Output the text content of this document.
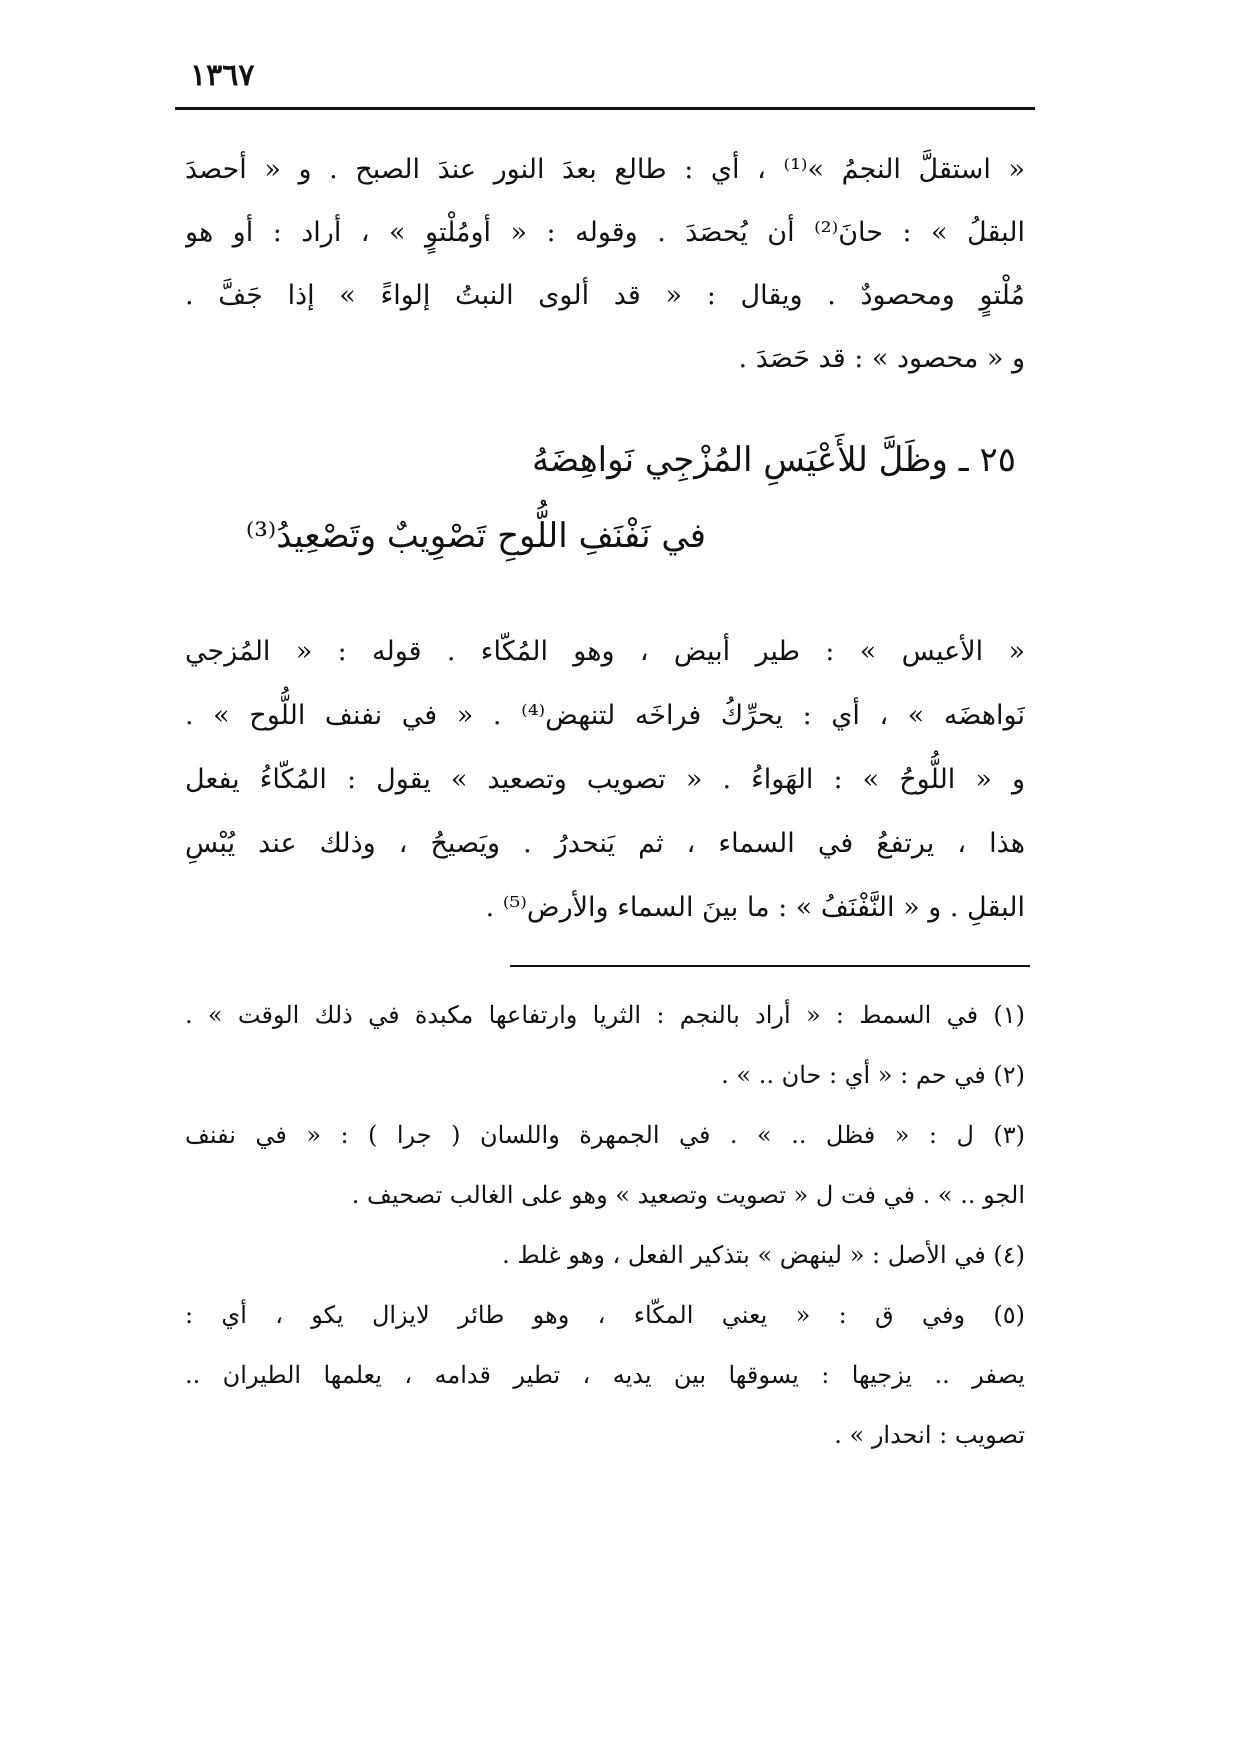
١٣٦٧
« استقلَّ النجمُ »⁽¹⁾ ، أي : طالع بعدَ النور عندَ الصبح . و « أحصدَ
البقلُ » : حانَ⁽²⁾ أن يُحصَدَ . وقوله : « أومُلْتوٍ » ، أراد : أو هو
مُلْتوٍ ومحصودٌ . ويقال : « قد ألوى النبتُ إلواءً » إذا جَفَّ .
و « محصود » : قد حَصَدَ .
٢٥ ـ وظَلَّ للأَعْيَسِ المُزْجِي نَواهِضَهُ
في نَفْنَفِ اللُّوحِ تَصْوِيبٌ وتَصْعِيدُ⁽³⁾
« الأعيس » : طير أبيض ، وهو المُكّاء . قوله : « المُزجي
نَواهضَه » ، أي : يحرِّكُ فراخَه لتنهض⁽⁴⁾ . « في نفنف اللُّوح » .
و « اللُّوحُ » : الهَواءُ . « تصويب وتصعيد » يقول : المُكّاءُ يفعل
هذا ، يرتفعُ في السماء ، ثم يَنحدرُ . ويَصيحُ ، وذلك عند يُبْسِ
البقلِ . و « النَّفْنَفُ » : ما بينَ السماء والأرض⁽⁵⁾ .
(١) في السمط : « أراد بالنجم : الثريا وارتفاعها مكبدة في ذلك الوقت » .
(٢) في حم : « أي : حان .. » .
(٣) ل : « فظل .. » . في الجمهرة واللسان ( جرا ) : « في نفنف
الجو .. » . في فت ل « تصويت وتصعيد » وهو على الغالب تصحيف .
(٤) في الأصل : « لينهض » بتذكير الفعل ، وهو غلط .
(٥) وفي ق : « يعني المكّاء ، وهو طائر لايزال يكو ، أي :
يصفر .. يزجيها : يسوقها بين يديه ، تطير قدامه ، يعلمها الطيران ..
تصويب : انحدار » .
